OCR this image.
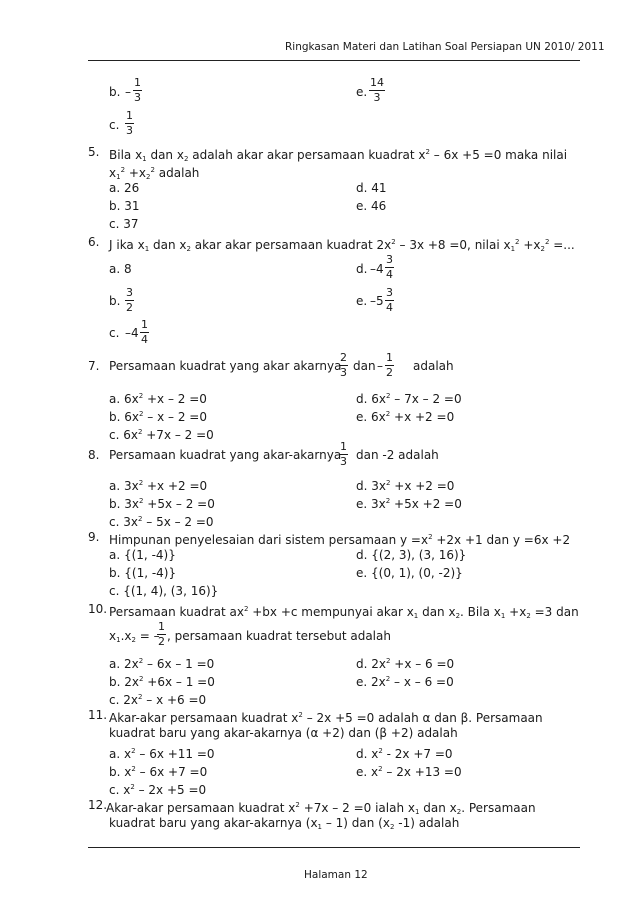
Ringkasan Materi dan Latihan Soal Persiapan UN 2010/ 2011
b. – $\frac{1}{3}$	e. $\frac{14}{3}$
c. $\frac{1}{3}$
5. Bila $x_1$ dan $x_2$ adalah akar akar persamaan kuadrat $x^2 - 6x +5 =0$ maka nilai
$x_1^2 +x_2^2$ adalah
a. 26	d. 41
b. 31	e. 46
c. 37
6. J ika $x_1$ dan $x_2$ akar akar persamaan kuadrat $2x^2 - 3x +8 =0$, nilai $x_1^2 +x_2^2$ =...
a. 8	d. $-4 \frac{3}{4}$
b. $\frac{3}{2}$	e. $-5 \frac{3}{4}$
c. $-4 \frac{1}{4}$
7. Persamaan kuadrat yang akar akarnya
$\frac{2}{3}$ dan – $\frac{1}{2}$ adalah
a. $6x^2 +x - 2 =0$	d. $6x^2 - 7x - 2 =0$
b. $6x^2 - x - 2 =0$	e. $6x^2 +x +2 =0$
c. $6x^2 +7x - 2 =0$
8. Persamaan kuadrat yang akar-akarnya
$\frac{1}{3}$ dan -2 adalah
a. $3x^2 +x +2 =0$	d. $3x^2 +x +2 =0$
b. $3x^2 +5x - 2 =0$	e. $3x^2 +5x +2 =0$
c. $3x^2 - 5x - 2 =0$
9. Himpunan penyelesaian dari sistem persamaan $y =x^2 +2x +1$ dan y =6x +2
a. {(1, -4)}	d. {(2, 3), (3, 16)}
b. {(1, -4)}	e. {(0, 1), (0, -2)}
c. {(1, 4), (3, 16)}
10. Persamaan kuadrat $ax^2 +bx +c$ mempunyai akar $x_1$ dan $x_2$. Bila $x_1 +x_2 =3$ dan
$x_1.x_2$ = –
$\frac{1}{2}$ , persamaan kuadrat tersebut adalah
a. $2x^2 - 6x - 1 =0$	d. $2x^2 +x - 6 =0$
b. $2x^2 +6x - 1 =0$	e. $2x^2 - x - 6 =0$
c. $2x^2 - x +6 =0$
11. Akar-akar persamaan kuadrat $x^2 - 2x +5 =0$ adalah α dan β. Persamaan
kuadrat baru yang akar-akarnya (α +2) dan (β +2) adalah
a. $x^2 - 6x +11 =0$	d. $x^2 - 2x +7 =0$
b. $x^2 - 6x +7 =0$	e. $x^2 - 2x +13 =0$
c. $x^2 - 2x +5 =0$
12.
Akar-akar persamaan kuadrat $x^2 +7x - 2 =0$ ialah $x_1$ dan $x_2$. Persamaan
kuadrat baru yang akar-akarnya $(x_1 - 1)$ dan ($x_2$ -1) adalah
Halaman 12
